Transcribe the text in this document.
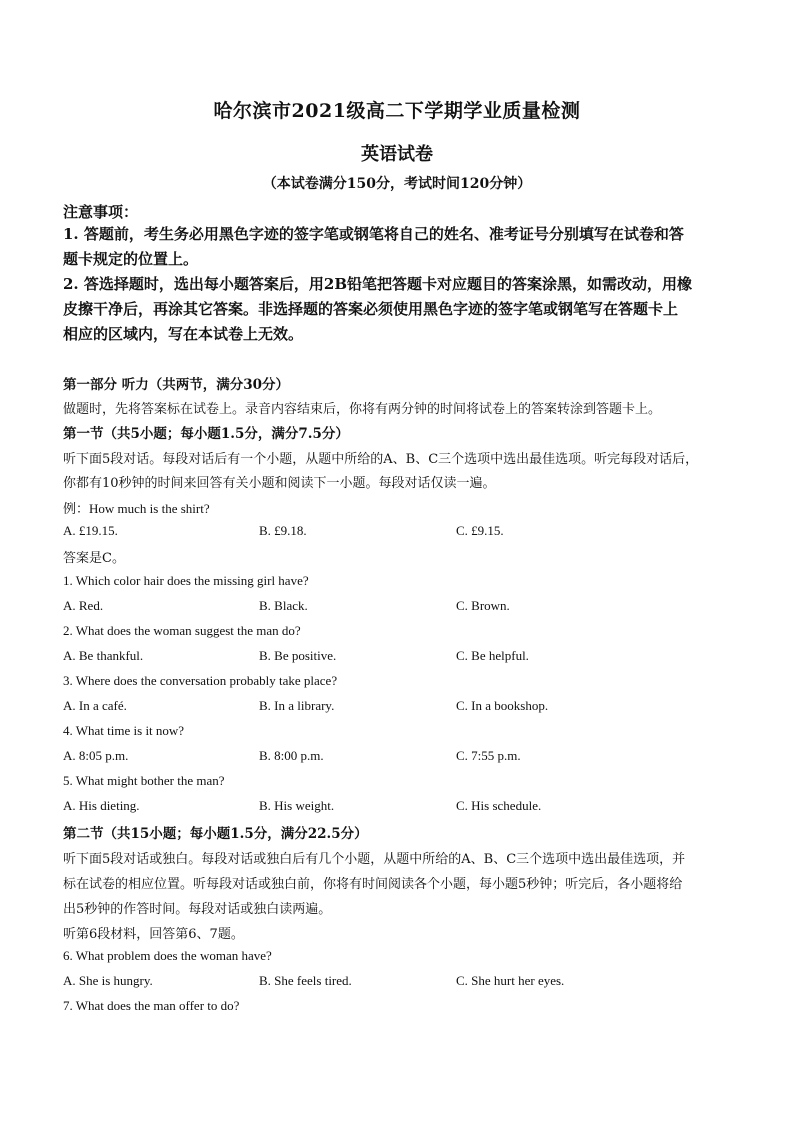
哈尔滨市2021级高二下学期学业质量检测
英语试卷
（本试卷满分150分，考试时间120分钟）
注意事项：
1. 答题前，考生务必用黑色字迹的签字笔或钢笔将自己的姓名、准考证号分别填写在试卷和答
题卡规定的位置上。
2. 答选择题时，选出每小题答案后，用2B铅笔把答题卡对应题目的答案涂黑，如需改动，用橡
皮擦干净后，再涂其它答案。非选择题的答案必须使用黑色字迹的签字笔或钢笔写在答题卡上
相应的区域内，写在本试卷上无效。
第一部分 听力（共两节，满分30分）
做题时，先将答案标在试卷上。录音内容结束后，你将有两分钟的时间将试卷上的答案转涂到答题卡上。
第一节（共5小题；每小题1.5分，满分7.5分）
听下面5段对话。每段对话后有一个小题，从题中所给的A、B、C三个选项中选出最佳选项。听完每段对话后，
你都有10秒钟的时间来回答有关小题和阅读下一小题。每段对话仅读一遍。
例：How much is the shirt?
A. £19.15.	B. £9.18.	C. £9.15.
答案是C。
1. Which color hair does the missing girl have?
A. Red.	B. Black.	C. Brown.
2. What does the woman suggest the man do?
A. Be thankful.	B. Be positive.	C. Be helpful.
3. Where does the conversation probably take place?
A. In a café.	B. In a library.	C. In a bookshop.
4. What time is it now?
A. 8:05 p.m.	B. 8:00 p.m.	C. 7:55 p.m.
5. What might bother the man?
A. His dieting.	B. His weight.	C. His schedule.
第二节（共15小题；每小题1.5分，满分22.5分）
听下面5段对话或独白。每段对话或独白后有几个小题，从题中所给的A、B、C三个选项中选出最佳选项，并
标在试卷的相应位置。听每段对话或独白前，你将有时间阅读各个小题，每小题5秒钟；听完后，各小题将给
出5秒钟的作答时间。每段对话或独白读两遍。
听第6段材料，回答第6、7题。
6. What problem does the woman have?
A. She is hungry.	B. She feels tired.	C. She hurt her eyes.
7. What does the man offer to do?
